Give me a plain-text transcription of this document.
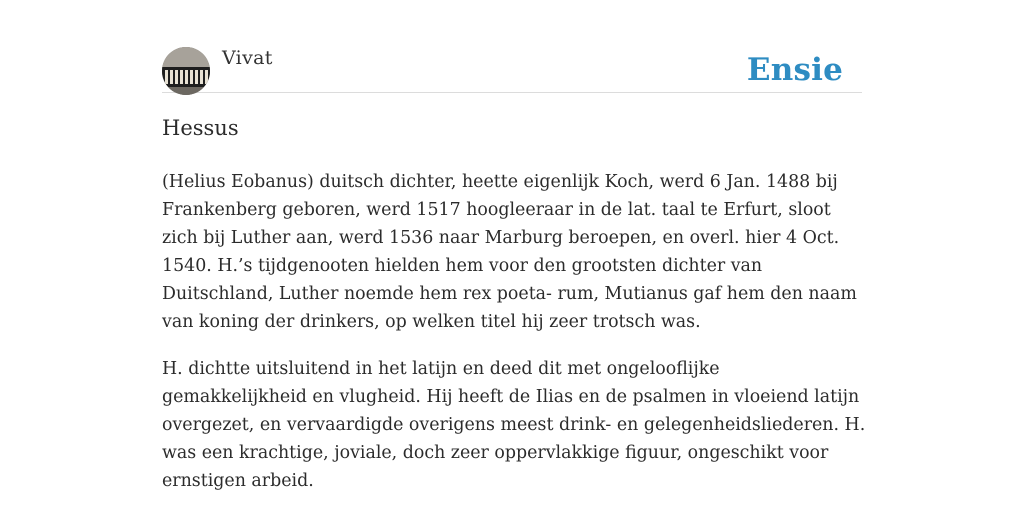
Vivat	Ensie
Hessus

(Helius Eobanus) duitsch dichter, heette eigenlijk Koch, werd 6 Jan. 1488 bij Frankenberg geboren, werd 1517 hoogleeraar in de lat. taal te Erfurt, sloot zich bij Luther aan, werd 1536 naar Marburg beroepen, en overl. hier 4 Oct. 1540. H.’s tijdgenooten hielden hem voor den grootsten dichter van Duitschland, Luther noemde hem rex poeta- rum, Mutianus gaf hem den naam van koning der drinkers, op welken titel hij zeer trotsch was.

H. dichtte uitsluitend in het latijn en deed dit met ongelooflijke gemakkelijkheid en vlugheid. Hij heeft de Ilias en de psalmen in vloeiend latijn overgezet, en vervaardigde overigens meest drink- en gelegenheidsliederen. H. was een krachtige, joviale, doch zeer oppervlakkige figuur, ongeschikt voor ernstigen arbeid.
